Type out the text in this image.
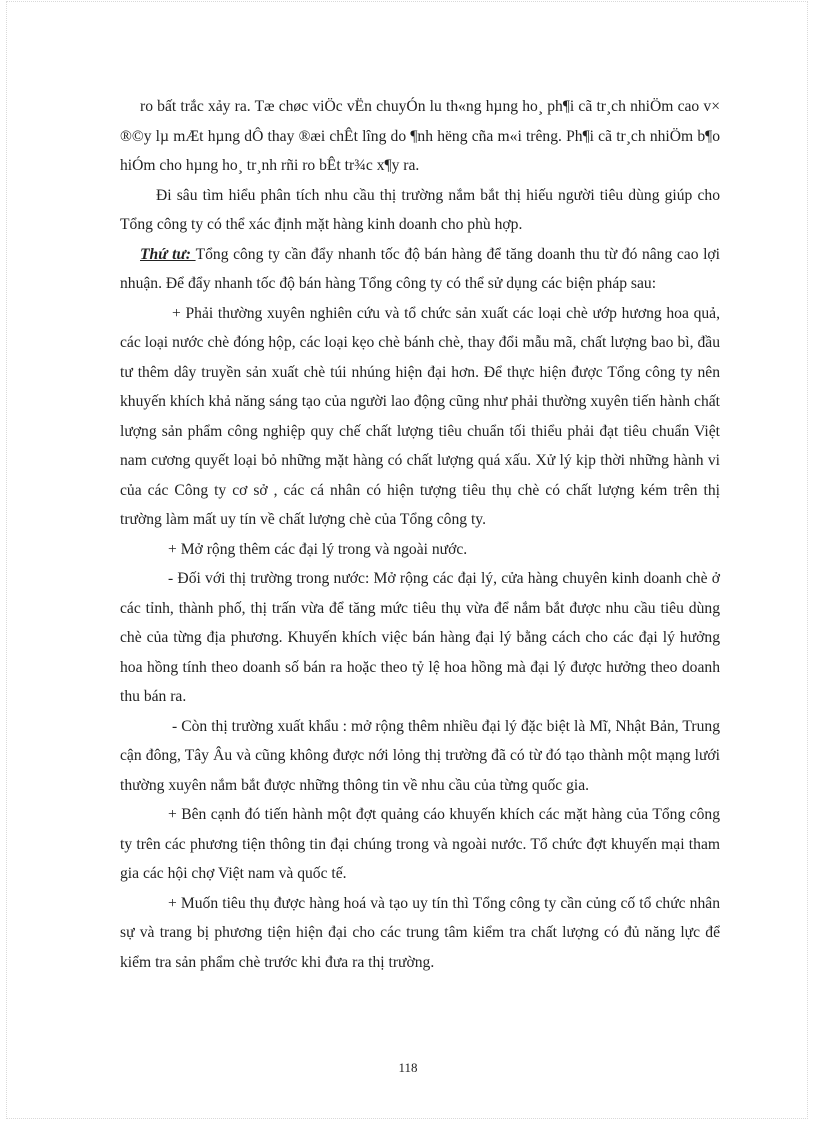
ro bất trắc xảy ra. Tæ chøc viÖc vËn chuyÓn lu th«ng hµng ho¸ ph¶i cã tr¸ch nhiÖm cao v× ®©y lµ mÆt hµng dÔ thay ®æi chÊt lîng do ¶nh hëng cña m«i trêng. Ph¶i cã tr¸ch nhiÖm b¶o hiÓm cho hµng ho¸ tr¸nh rñi ro bÊt tr¾c x¶y ra.

Đi sâu tìm hiểu phân tích nhu cầu thị trường nắm bắt thị hiếu người tiêu dùng giúp cho Tổng công ty có thể xác định mặt hàng kinh doanh cho phù hợp.

Thứ tư: Tổng công ty cần đẩy nhanh tốc độ bán hàng để tăng doanh thu từ đó nâng cao lợi nhuận. Để đẩy nhanh tốc độ bán hàng Tổng công ty có thể sử dụng các biện pháp sau:

+ Phải thường xuyên nghiên cứu và tổ chức sản xuất các loại chè ướp hương hoa quả, các loại nước chè đóng hộp, các loại kẹo chè bánh chè, thay đổi mẫu mã, chất lượng bao bì, đầu tư thêm dây truyền sản xuất chè túi nhúng hiện đại hơn. Để thực hiện được Tổng công ty nên khuyến khích khả năng sáng tạo của người lao động cũng như phải thường xuyên tiến hành chất lượng sản phẩm công nghiệp quy chế chất lượng tiêu chuẩn tối thiểu phải đạt tiêu chuẩn Việt nam cương quyết loại bỏ những mặt hàng có chất lượng quá xấu. Xử lý kịp thời những hành vi của các Công ty cơ sở , các cá nhân có hiện tượng tiêu thụ chè có chất lượng kém trên thị trường làm mất uy tín về chất lượng chè của Tổng công ty.

+ Mở rộng thêm các đại lý trong và ngoài nước.

- Đối với thị trường trong nước: Mở rộng các đại lý, cửa hàng chuyên kinh doanh chè ở các tỉnh, thành phố, thị trấn vừa để tăng mức tiêu thụ vừa để nắm bắt được nhu cầu tiêu dùng chè của từng địa phương. Khuyến khích việc bán hàng đại lý bằng cách cho các đại lý hưởng hoa hồng tính theo doanh số bán ra hoặc theo tỷ lệ hoa hồng mà đại lý được hưởng theo doanh thu bán ra.

- Còn thị trường xuất khẩu : mở rộng thêm nhiều đại lý đặc biệt là Mĩ, Nhật Bản, Trung cận đông, Tây Âu và cũng không được nới lỏng thị trường đã có từ đó tạo thành một mạng lưới thường xuyên nắm bắt được những thông tin về nhu cầu của từng quốc gia.

+ Bên cạnh đó tiến hành một đợt quảng cáo khuyến khích các mặt hàng của Tổng công ty trên các phương tiện thông tin đại chúng trong và ngoài nước. Tổ chức đợt khuyến mại tham gia các hội chợ Việt nam và quốc tế.

+ Muốn tiêu thụ được hàng hoá và tạo uy tín thì Tổng công ty cần củng cố tổ chức nhân sự và trang bị phương tiện hiện đại cho các trung tâm kiểm tra chất lượng có đủ năng lực để kiểm tra sản phẩm chè trước khi đưa ra thị trường.

118
